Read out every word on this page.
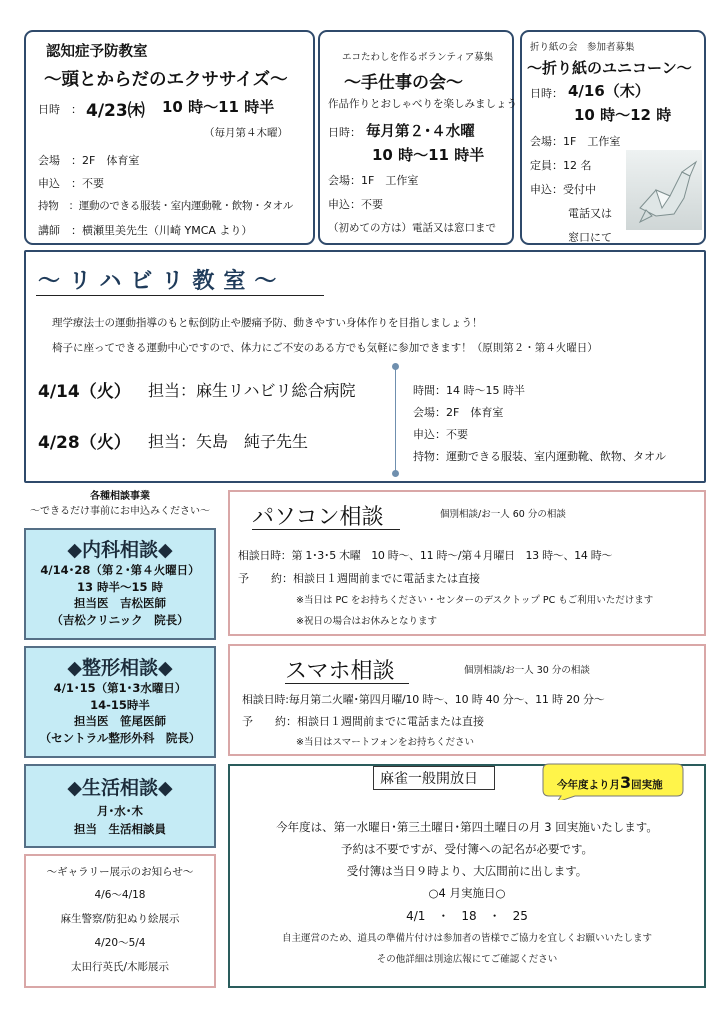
認知症予防教室
～頭とからだのエクササイズ～
日時　： 4/23㈭ 10 時～11 時半
（毎月第４木曜）
会場　：2F　体育室
申込　：不要
持物　：運動のできる服装・室内運動靴・飲物・タオル
講師　：横瀬里美先生（川崎 YMCA より）
エコたわしを作るボランティア募集
～手仕事の会～
作品作りとおしゃべりを楽しみましょう
日時： 毎月第２･４水曜
10 時～11 時半
会場：1F　工作室
申込：不要
（初めての方は）電話又は窓口まで
折り紙の会　参加者募集
～折り紙のユニコーン～
日時： 4/16（木）
10 時～12 時
会場：1F　工作室
定員：12 名
申込：受付中
電話又は
窓口にて
～リハビリ教室～
理学療法士の運動指導のもと転倒防止や腰痛予防、動きやすい身体作りを目指しましょう！
椅子に座ってできる運動中心ですので、体力にご不安のある方でも気軽に参加できます！（原則第２・第４火曜日）
4/14（火） 担当：麻生リハビリ総合病院
4/28（火） 担当：矢島　純子先生
時間：14 時～15 時半
会場：2F　体育室
申込：不要
持物：運動できる服装、室内運動靴、飲物、タオル
各種相談事業
～できるだけ事前にお申込みください～
◆内科相談◆
4/14･28（第２･第４火曜日）
13 時半～15 時
担当医　吉松医師
（吉松クリニック　院長）
◆整形相談◆
4/1･15（第1･3水曜日）
14-15時半
担当医　笹尾医師
（セントラル整形外科　院長）
◆生活相談◆
月･水･木
担当　生活相談員
～ギャラリー展示のお知らせ～
4/6～4/18
麻生警察/防犯ぬり絵展示
4/20～5/4
太田行英氏/木彫展示
パソコン相談	個別相談/お一人 60 分の相談
相談日時：第 1･3･5 木曜　10 時～、11 時～/第４月曜日　13 時～、14 時～
予　　約：相談日１週間前までに電話または直接
※当日は PC をお持ちください・センターのデスクトップ PC もご利用いただけます
※祝日の場合はお休みとなります
スマホ相談	個別相談/お一人 30 分の相談
相談日時:毎月第二火曜･第四月曜/10 時～、10 時 40 分～、11 時 20 分～
予　　約：相談日１週間前までに電話または直接
※当日はスマートフォンをお持ちください
麻雀一般開放日	今年度より月3回実施
今年度は、第一水曜日･第三土曜日･第四土曜日の月 3 回実施いたします。
予約は不要ですが、受付簿への記名が必要です。
受付簿は当日９時より、大広間前に出します。
○4 月実施日○
4/1　・　18　・　25
自主運営のため、道具の準備片付けは参加者の皆様でご協力を宜しくお願いいたします
その他詳細は別途広報にてご確認ください
